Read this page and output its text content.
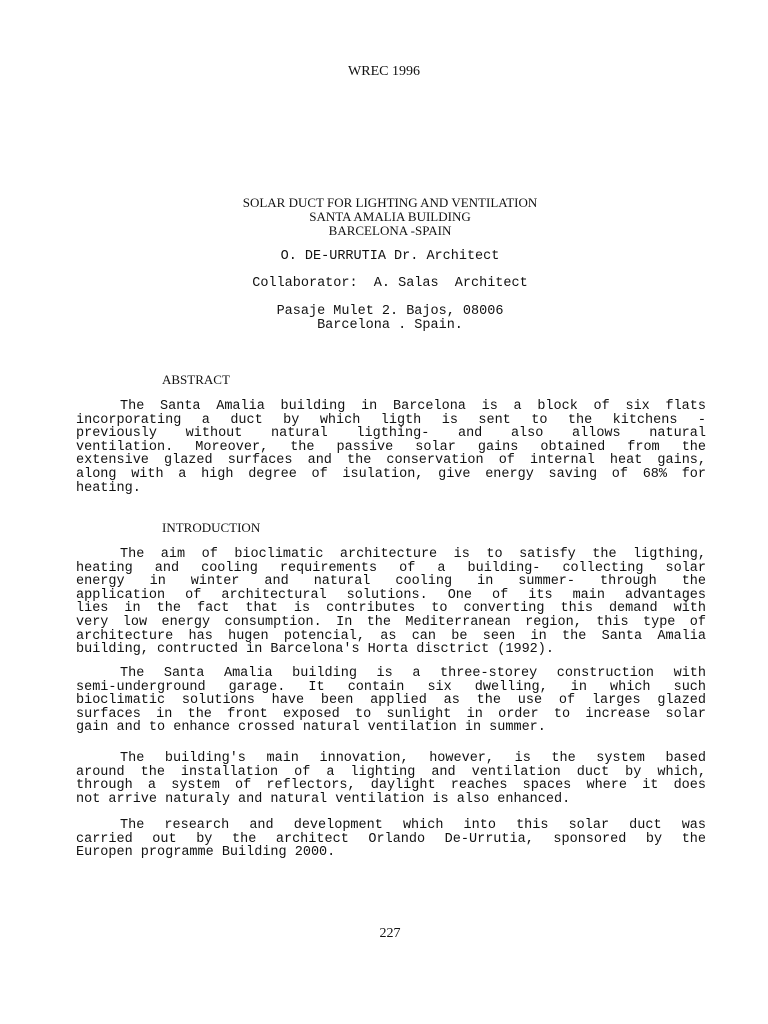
WREC 1996
SOLAR DUCT FOR LIGHTING AND VENTILATION
SANTA AMALIA BUILDING
BARCELONA -SPAIN
O. DE-URRUTIA Dr. Architect
Collaborator:  A. Salas  Architect
Pasaje Mulet 2. Bajos, 08006
Barcelona . Spain.
ABSTRACT
The Santa Amalia building in Barcelona is a block of six flats
incorporating a duct by which ligth is sent to the kitchens -
previously without natural ligthing- and also allows natural
ventilation. Moreover, the passive solar gains obtained from the
extensive glazed surfaces and the conservation of internal heat gains,
along with a high degree of isulation, give energy saving of 68% for
heating.
INTRODUCTION
The aim of bioclimatic architecture is to satisfy the ligthing,
heating and cooling requirements of a building- collecting solar
energy in winter and natural cooling in summer- through the
application of architectural solutions. One of its main advantages
lies in the fact that is contributes to converting this demand with
very low energy consumption. In the Mediterranean region, this type of
architecture has hugen potencial, as can be seen in the Santa Amalia
building, contructed in Barcelona's Horta disctrict (1992).
The Santa Amalia building is a three-storey construction with
semi-underground garage. It contain six dwelling, in which such
bioclimatic solutions have been applied as the use of larges glazed
surfaces in the front exposed to sunlight in order to increase solar
gain and to enhance crossed natural ventilation in summer.
The building's main innovation, however, is the system based
around the installation of a lighting and ventilation duct by which,
through a system of reflectors, daylight reaches spaces where it does
not arrive naturaly and natural ventilation is also enhanced.
The research and development which into this solar duct was
carried out by the architect Orlando De-Urrutia, sponsored by the
Europen programme Building 2000.
227
